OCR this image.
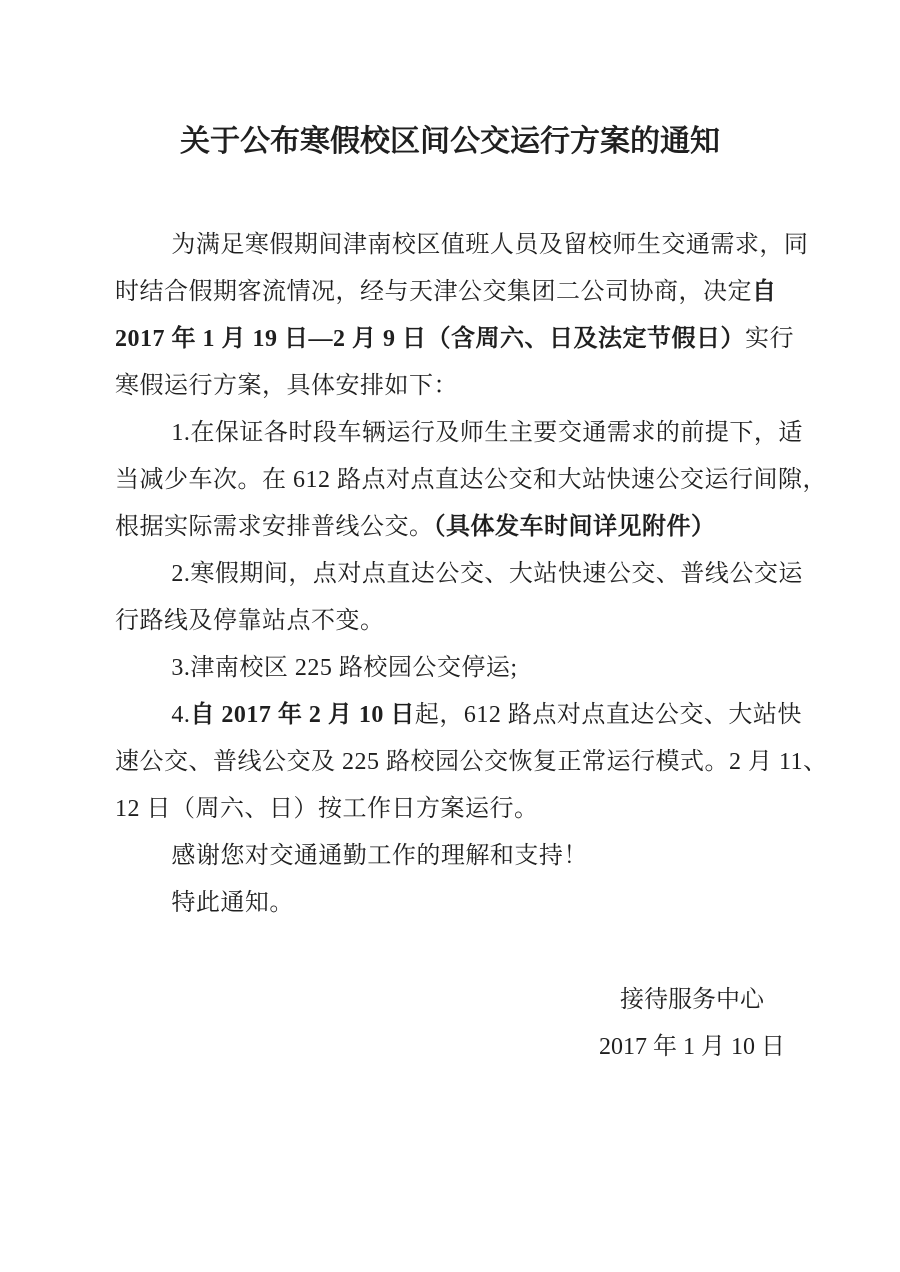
关于公布寒假校区间公交运行方案的通知
为满足寒假期间津南校区值班人员及留校师生交通需求，同
时结合假期客流情况，经与天津公交集团二公司协商，决定自
2017 年 1 月 19 日—2 月 9 日（含周六、日及法定节假日）实行
寒假运行方案，具体安排如下：
1.在保证各时段车辆运行及师生主要交通需求的前提下，适
当减少车次。在 612 路点对点直达公交和大站快速公交运行间隙，
根据实际需求安排普线公交。（具体发车时间详见附件）
2.寒假期间，点对点直达公交、大站快速公交、普线公交运
行路线及停靠站点不变。
3.津南校区 225 路校园公交停运;
4.自 2017 年 2 月 10 日起，612 路点对点直达公交、大站快
速公交、普线公交及 225 路校园公交恢复正常运行模式。2 月 11、
12 日（周六、日）按工作日方案运行。
感谢您对交通通勤工作的理解和支持！
特此通知。
接待服务中心
2017 年 1 月 10 日
